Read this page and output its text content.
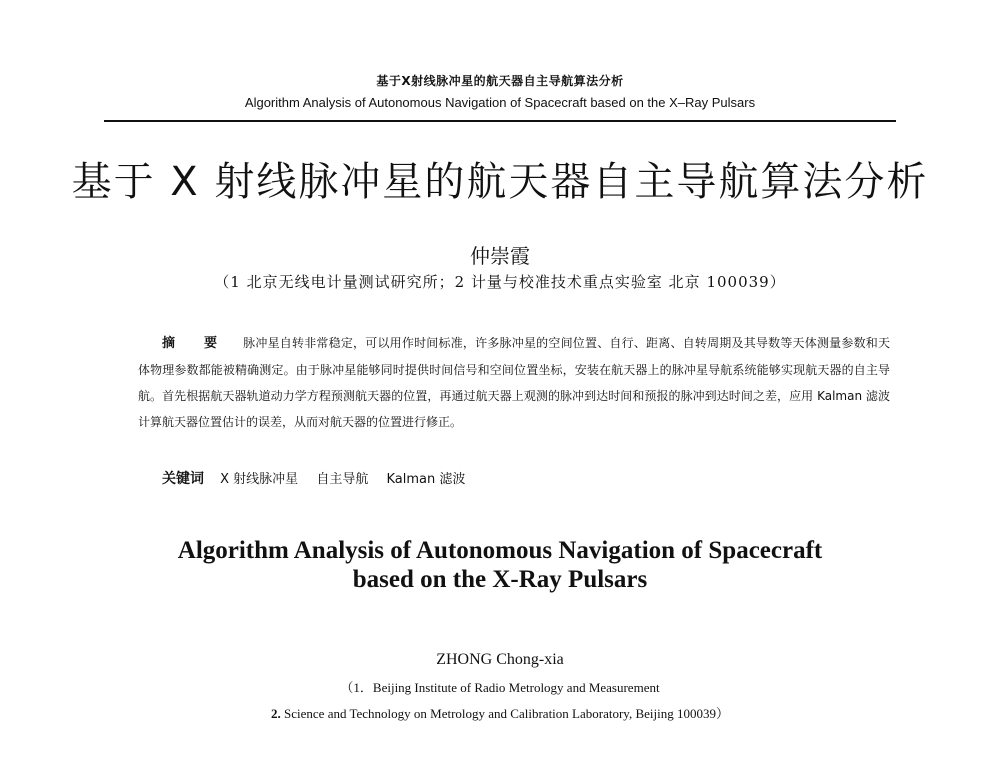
基于X射线脉冲星的航天器自主导航算法分析
Algorithm Analysis of Autonomous Navigation of Spacecraft based on the X–Ray Pulsars
基于 X 射线脉冲星的航天器自主导航算法分析
仲崇霞
（1 北京无线电计量测试研究所；2 计量与校准技术重点实验室 北京 100039）
摘 要 脉冲星自转非常稳定，可以用作时间标准，许多脉冲星的空间位置、自行、距离、自转周期及其导数等天体测量参数和天体物理参数都能被精确测定。由于脉冲星能够同时提供时间信号和空间位置坐标，安装在航天器上的脉冲星导航系统能够实现航天器的自主导航。首先根据航天器轨道动力学方程预测航天器的位置，再通过航天器上观测的脉冲到达时间和预报的脉冲到达时间之差，应用 Kalman 滤波计算航天器位置估计的误差，从而对航天器的位置进行修正。
关键词 X 射线脉冲星 自主导航 Kalman 滤波
Algorithm Analysis of Autonomous Navigation of Spacecraft
based on the X-Ray Pulsars
ZHONG Chong-xia
（1．Beijing Institute of Radio Metrology and Measurement
2. Science and Technology on Metrology and Calibration Laboratory, Beijing 100039）
